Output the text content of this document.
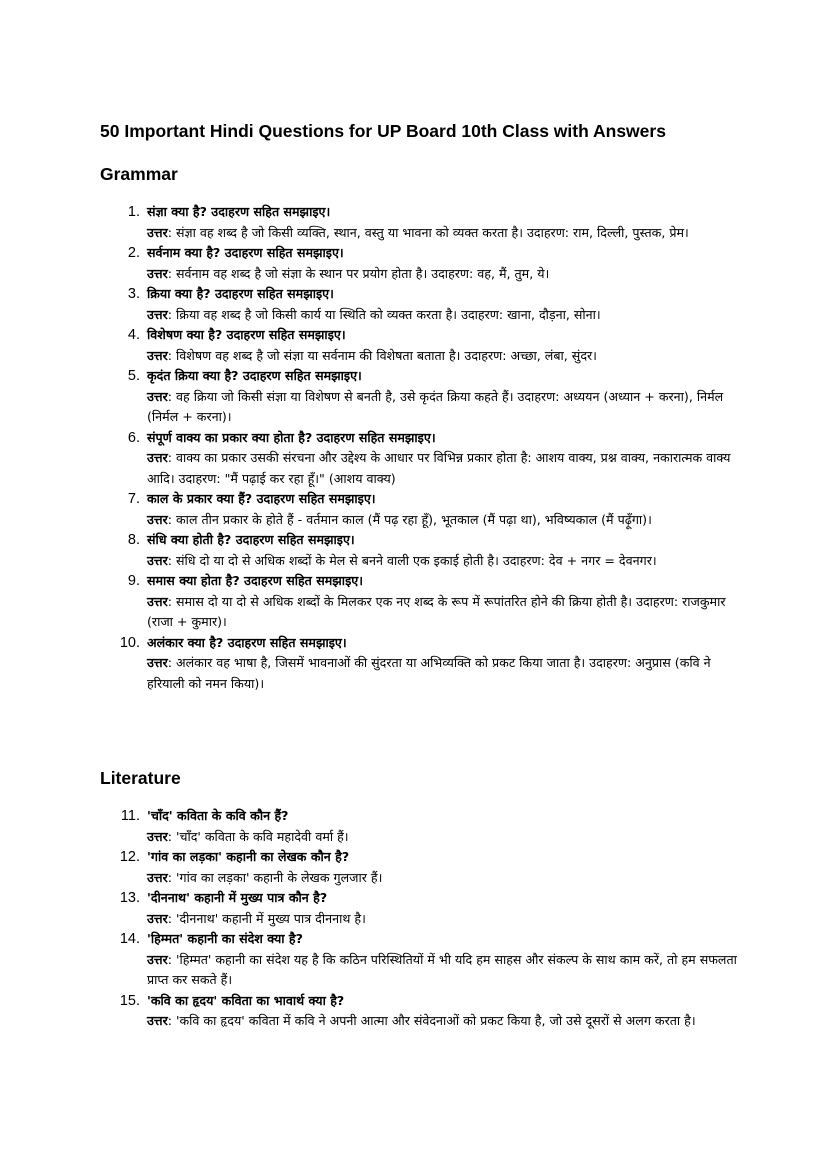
50 Important Hindi Questions for UP Board 10th Class with Answers
Grammar
1. संज्ञा क्या है? उदाहरण सहित समझाइए।
उत्तर: संज्ञा वह शब्द है जो किसी व्यक्ति, स्थान, वस्तु या भावना को व्यक्त करता है। उदाहरण: राम, दिल्ली, पुस्तक, प्रेम।
2. सर्वनाम क्या है? उदाहरण सहित समझाइए।
उत्तर: सर्वनाम वह शब्द है जो संज्ञा के स्थान पर प्रयोग होता है। उदाहरण: वह, मैं, तुम, ये।
3. क्रिया क्या है? उदाहरण सहित समझाइए।
उत्तर: क्रिया वह शब्द है जो किसी कार्य या स्थिति को व्यक्त करता है। उदाहरण: खाना, दौड़ना, सोना।
4. विशेषण क्या है? उदाहरण सहित समझाइए।
उत्तर: विशेषण वह शब्द है जो संज्ञा या सर्वनाम की विशेषता बताता है। उदाहरण: अच्छा, लंबा, सुंदर।
5. कृदंत क्रिया क्या है? उदाहरण सहित समझाइए।
उत्तर: वह क्रिया जो किसी संज्ञा या विशेषण से बनती है, उसे कृदंत क्रिया कहते हैं। उदाहरण: अध्ययन (अध्यान + करना), निर्मल (निर्मल + करना)।
6. संपूर्ण वाक्य का प्रकार क्या होता है? उदाहरण सहित समझाइए।
उत्तर: वाक्य का प्रकार उसकी संरचना और उद्देश्य के आधार पर विभिन्न प्रकार होता है: आशय वाक्य, प्रश्न वाक्य, नकारात्मक वाक्य आदि। उदाहरण: "मैं पढ़ाई कर रहा हूँ।" (आशय वाक्य)
7. काल के प्रकार क्या हैं? उदाहरण सहित समझाइए।
उत्तर: काल तीन प्रकार के होते हैं - वर्तमान काल (मैं पढ़ रहा हूँ), भूतकाल (मैं पढ़ा था), भविष्यकाल (मैं पढ़ूँगा)।
8. संधि क्या होती है? उदाहरण सहित समझाइए।
उत्तर: संधि दो या दो से अधिक शब्दों के मेल से बनने वाली एक इकाई होती है। उदाहरण: देव + नगर = देवनगर।
9. समास क्या होता है? उदाहरण सहित समझाइए।
उत्तर: समास दो या दो से अधिक शब्दों के मिलकर एक नए शब्द के रूप में रूपांतरित होने की क्रिया होती है। उदाहरण: राजकुमार (राजा + कुमार)।
10. अलंकार क्या है? उदाहरण सहित समझाइए।
उत्तर: अलंकार वह भाषा है, जिसमें भावनाओं की सुंदरता या अभिव्यक्ति को प्रकट किया जाता है। उदाहरण: अनुप्रास (कवि ने हरियाली को नमन किया)।
Literature
11. 'चाँद' कविता के कवि कौन हैं?
उत्तर: 'चाँद' कविता के कवि महादेवी वर्मा हैं।
12. 'गांव का लड़का' कहानी का लेखक कौन है?
उत्तर: 'गांव का लड़का' कहानी के लेखक गुलजार हैं।
13. 'दीननाथ' कहानी में मुख्य पात्र कौन है?
उत्तर: 'दीननाथ' कहानी में मुख्य पात्र दीननाथ है।
14. 'हिम्मत' कहानी का संदेश क्या है?
उत्तर: 'हिम्मत' कहानी का संदेश यह है कि कठिन परिस्थितियों में भी यदि हम साहस और संकल्प के साथ काम करें, तो हम सफलता प्राप्त कर सकते हैं।
15. 'कवि का हृदय' कविता का भावार्थ क्या है?
उत्तर: 'कवि का हृदय' कविता में कवि ने अपनी आत्मा और संवेदनाओं को प्रकट किया है, जो उसे दूसरों से अलग करता है।
